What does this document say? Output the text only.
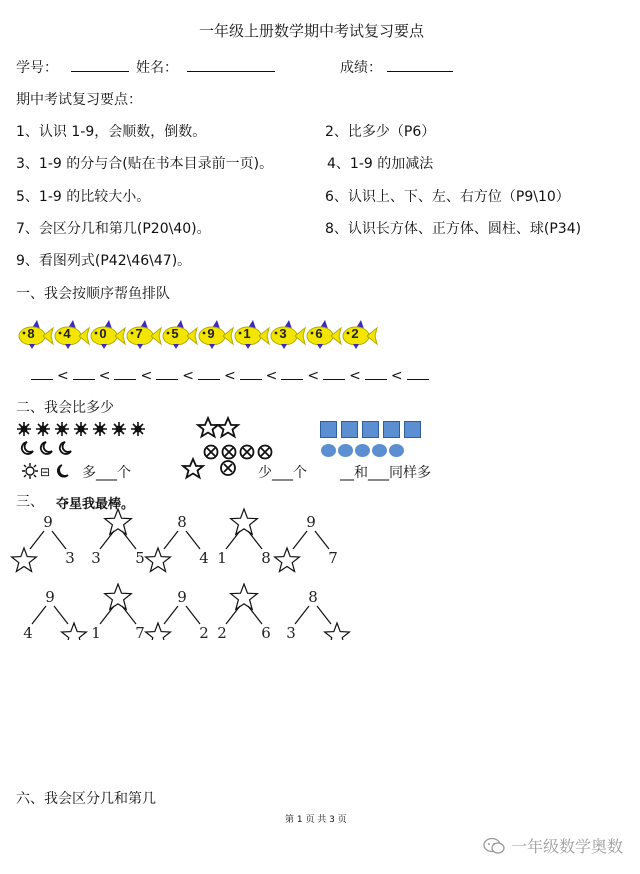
一年级上册数学期中考试复习要点
学号：	姓名：	成绩：
期中考试复习要点：
1、认识 1-9，会顺数，倒数。	2、比多少（P6）
3、1-9 的分与合(贴在书本目录前一页)。	4、1-9 的加减法
5、1-9 的比较大小。	6、认识上、下、左、右方位（P9\10）
7、会区分几和第几(P20\40)。	8、认识长方体、正方体、圆柱、球(P34)
9、看图列式(P42\46\47)。
一、我会按顺序帮鱼排队
8	4	0	7	5	9	1	3	6	2
< < < < < < < < <
二、我会比多少
⊟ 多___个	少___个 __和___同样多
三、 夺星我最棒。
9
3 3 5
8
4 1 8
9
7
9
4	1 7
9
2 2 6
8
3
六、我会区分几和第几
第 1 页 共 3 页
一年级数学奥数
